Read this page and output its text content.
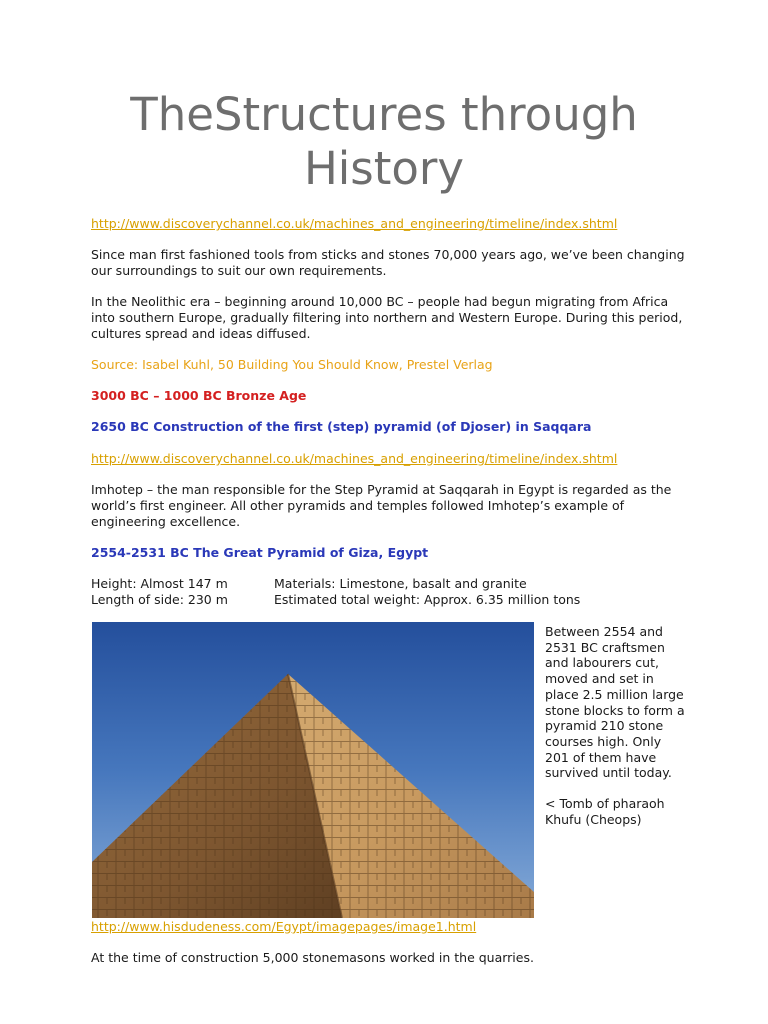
TheStructures through History
http://www.discoverychannel.co.uk/machines_and_engineering/timeline/index.shtml
Since man first fashioned tools from sticks and stones 70,000 years ago, we’ve been changing our surroundings to suit our own requirements.
In the Neolithic era – beginning around 10,000 BC – people had begun migrating from Africa into southern Europe, gradually filtering into northern and Western Europe. During this period, cultures spread and ideas diffused.
Source: Isabel Kuhl, 50 Building You Should Know, Prestel Verlag
3000 BC – 1000 BC Bronze Age
2650 BC Construction of the first (step) pyramid (of Djoser) in Saqqara
http://www.discoverychannel.co.uk/machines_and_engineering/timeline/index.shtml
Imhotep – the man responsible for the Step Pyramid at Saqqarah in Egypt is regarded as the world’s first engineer. All other pyramids and temples followed Imhotep’s example of engineering excellence.
2554-2531 BC The Great Pyramid of Giza, Egypt
Height: Almost 147 m
Length of side: 230 m
Materials: Limestone, basalt and granite
Estimated total weight: Approx. 6.35 million tons
Between 2554 and 2531 BC craftsmen and labourers cut, moved and set in place 2.5 million large stone blocks to form a pyramid 210 stone courses high. Only 201 of them have survived until today.
< Tomb of pharaoh Khufu (Cheops)
http://www.hisdudeness.com/Egypt/imagepages/image1.html
At the time of construction 5,000 stonemasons worked in the quarries.
